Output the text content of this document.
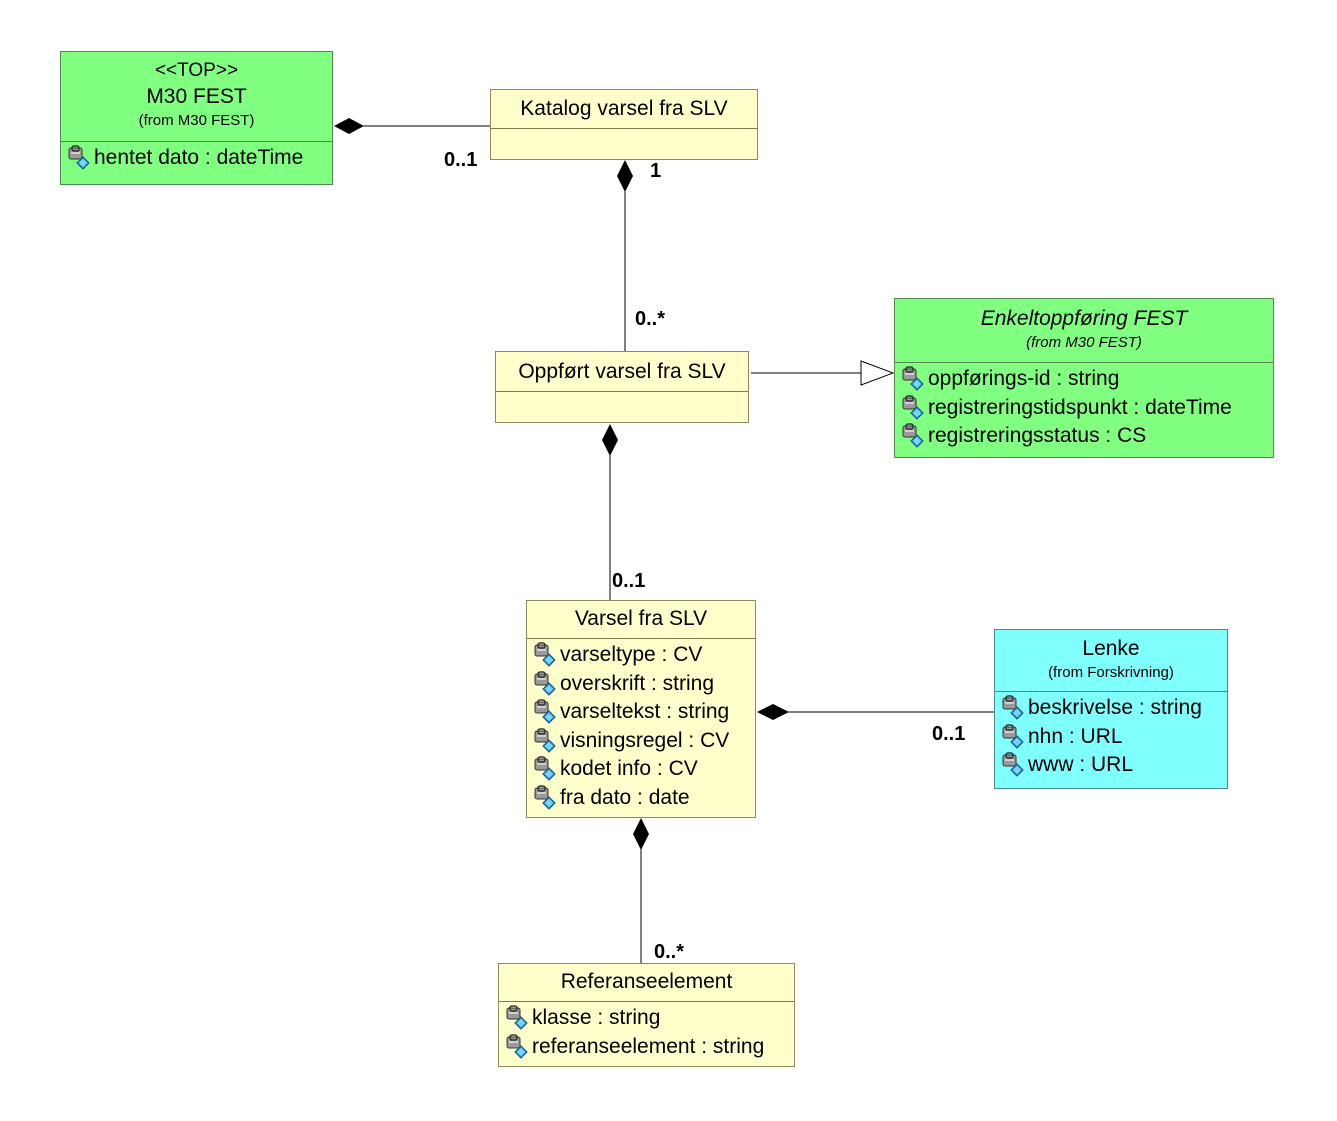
<<TOP>>
M30 FEST
(from M30 FEST)
hentet dato : dateTime
Katalog varsel fra SLV
Oppført varsel fra SLV
Enkeltoppføring FEST
(from M30 FEST)
oppførings-id : string
registreringstidspunkt : dateTime
registreringsstatus : CS
Varsel fra SLV
varseltype : CV
overskrift : string
varseltekst : string
visningsregel : CV
kodet info : CV
fra dato : date
Lenke
(from Forskrivning)
beskrivelse : string
nhn : URL
www : URL
Referanseelement
klasse : string
referanseelement : string
0..1	1
0..*
0..1
0..1
0..*
